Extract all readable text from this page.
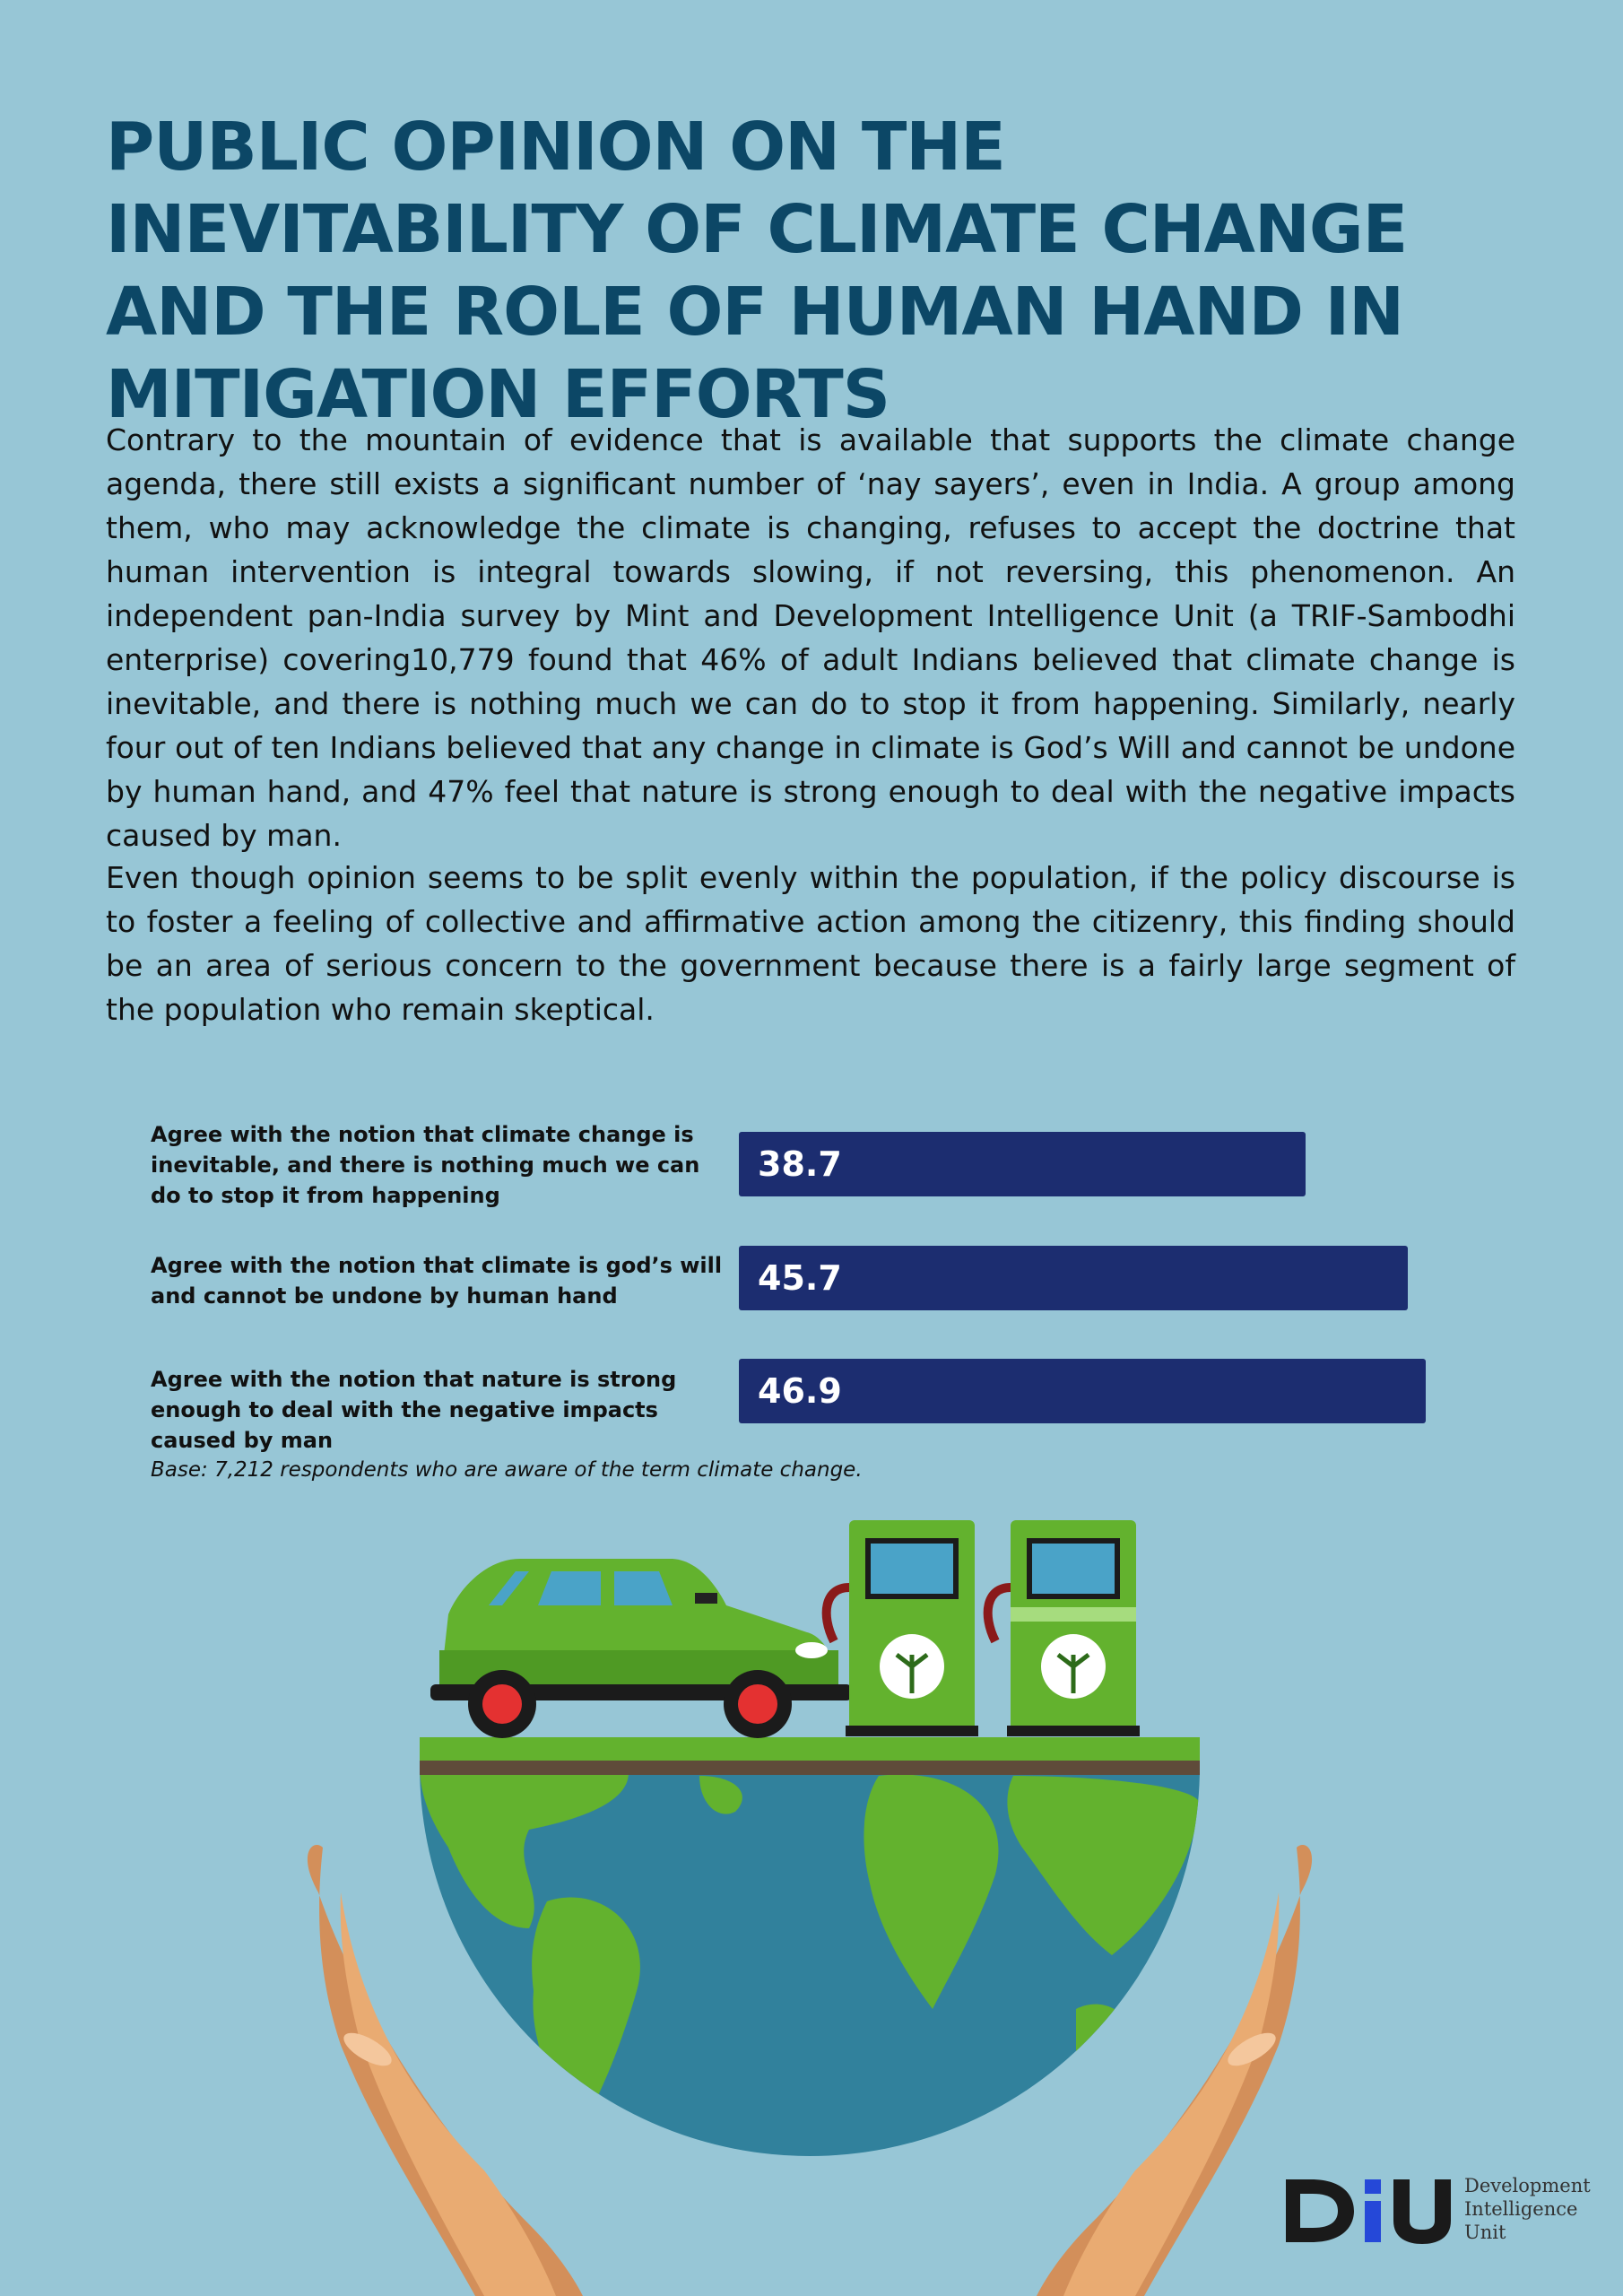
PUBLIC OPINION ON THE INEVITABILITY OF CLIMATE CHANGE AND THE ROLE OF HUMAN HAND IN MITIGATION EFFORTS

Contrary to the mountain of evidence that is available that supports the climate change agenda, there still exists a significant number of ‘nay sayers’, even in India. A group among them, who may acknowledge the climate is changing, refuses to accept the doctrine that human intervention is integral towards slowing, if not reversing, this phenomenon. An independent pan-India survey by Mint and Development Intelligence Unit (a TRIF-Sambodhi enterprise) covering10,779 found that 46% of adult Indians believed that climate change is inevitable, and there is nothing much we can do to stop it from happening. Similarly, nearly four out of ten Indians believed that any change in climate is God’s Will and cannot be undone by human hand, and 47% feel that nature is strong enough to deal with the negative impacts caused by man.

Even though opinion seems to be split evenly within the population, if the policy discourse is to foster a feeling of collective and affirmative action among the citizenry, this finding should be an area of serious concern to the government because there is a fairly large segment of the population who remain skeptical.

Agree with the notion that climate change is inevitable, and there is nothing much we can do to stop it from happening
Agree with the notion that climate is god’s will and cannot be undone by human hand
Agree with the notion that nature is strong enough to deal with the negative impacts caused by man
38.7
45.7
46.9
Base: 7,212 respondents who are aware of the term climate change.
Development
Intelligence
Unit
